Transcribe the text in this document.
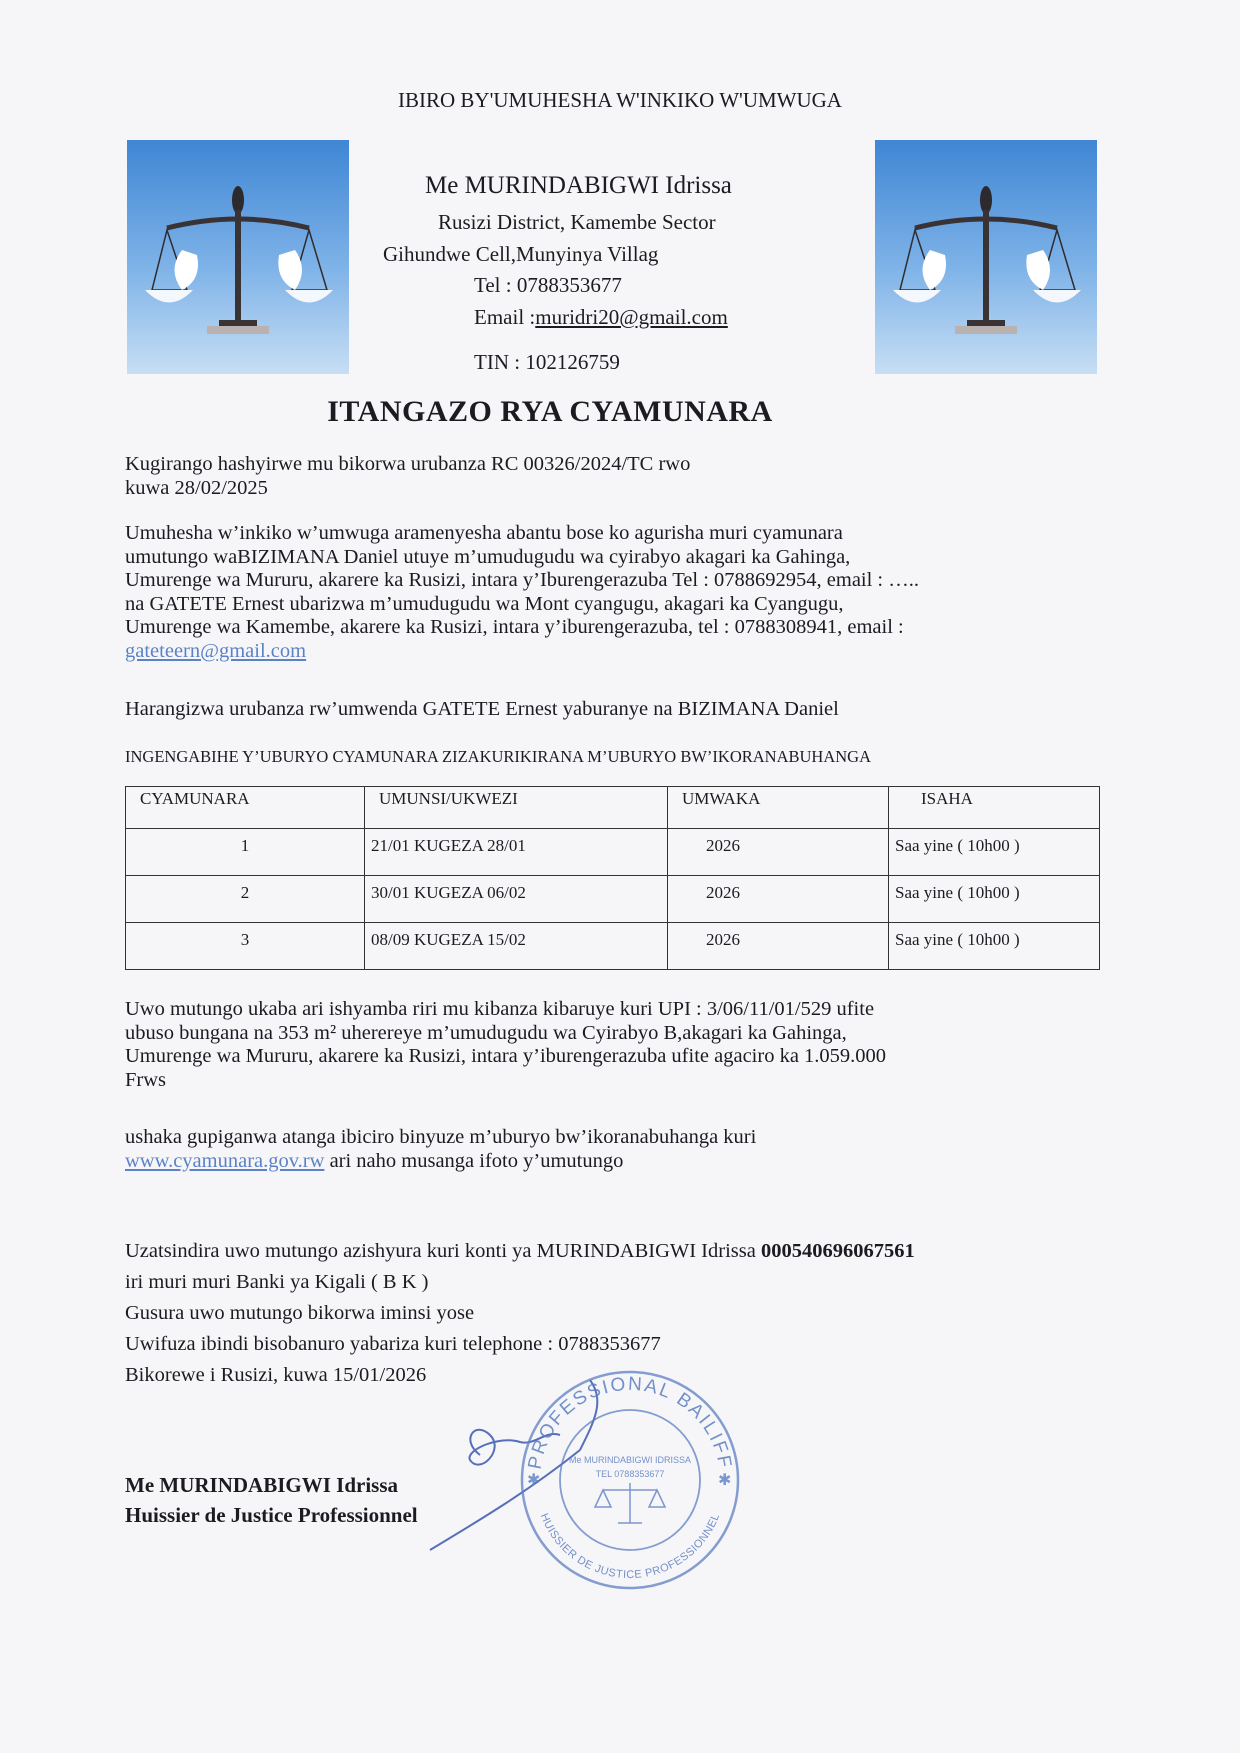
IBIRO BY'UMUHESHA W'INKIKO W'UMWUGA
Me MURINDABIGWI Idrissa
Rusizi District, Kamembe Sector
Gihundwe Cell,Munyinya Villag
Tel : 0788353677
Email :muridri20@gmail.com
TIN : 102126759
ITANGAZO RYA CYAMUNARA

Kugirango hashyirwe mu bikorwa urubanza RC 00326/2024/TC rwo

kuwa 28/02/2025

Umuhesha w’inkiko w’umwuga aramenyesha abantu bose ko agurisha muri cyamunara

umutungo waBIZIMANA Daniel utuye m’umudugudu wa cyirabyo akagari ka Gahinga,

Umurenge wa Mururu, akarere ka Rusizi, intara y’Iburengerazuba Tel : 0788692954, email : …..

na GATETE Ernest ubarizwa m’umudugudu wa Mont cyangugu, akagari ka Cyangugu,

Umurenge wa Kamembe, akarere ka Rusizi, intara y’iburengerazuba, tel : 0788308941, email :

gateteern@gmail.com

Harangizwa urubanza rw’umwenda GATETE Ernest yaburanye na BIZIMANA Daniel
INGENGABIHE Y’UBURYO CYAMUNARA ZIZAKURIKIRANA M’UBURYO BW’IKORANABUHANGA
CYAMUNARA	UMUNSI/UKWEZI	UMWAKA	ISAHA
1	21/01 KUGEZA 28/01	2026	Saa yine ( 10h00 )
2	30/01 KUGEZA 06/02	2026	Saa yine ( 10h00 )
3	08/09 KUGEZA 15/02	2026	Saa yine ( 10h00 )

Uwo mutungo ukaba ari ishyamba riri mu kibanza kibaruye kuri UPI : 3/06/11/01/529 ufite

ubuso bungana na 353 m² uherereye m’umudugudu wa Cyirabyo B,akagari ka Gahinga,

Umurenge wa Mururu, akarere ka Rusizi, intara y’iburengerazuba ufite agaciro ka 1.059.000

Frws

ushaka gupiganwa atanga ibiciro binyuze m’uburyo bw’ikoranabuhanga kuri

www.cyamunara.gov.rw ari naho musanga ifoto y’umutungo

Uzatsindira uwo mutungo azishyura kuri konti ya MURINDABIGWI Idrissa 000540696067561

iri muri muri Banki ya Kigali ( B K )

Gusura uwo mutungo bikorwa iminsi yose

Uwifuza ibindi bisobanuro yabariza kuri telephone : 0788353677

Bikorewe i Rusizi, kuwa 15/01/2026

Me MURINDABIGWI Idrissa
Huissier de Justice Professionnel
PROFESSIONAL BAILIFF
HUISSIER DE JUSTICE PROFESSIONNEL
Me MURINDABIGWI IDRISSA
TEL 0788353677
✱	✱
